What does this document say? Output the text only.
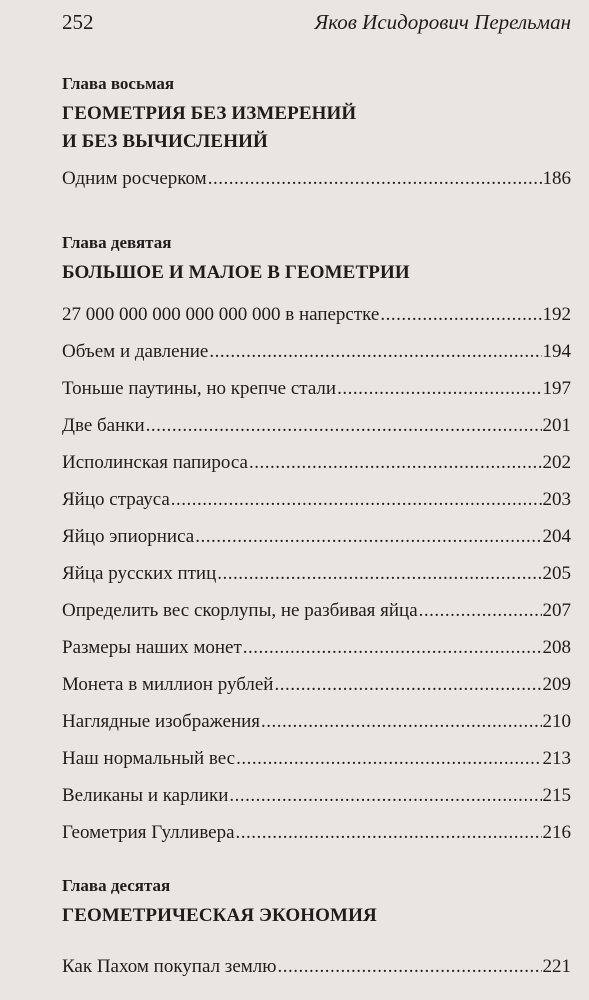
252	Яков Исидорович Перельман
Глава восьмая
ГЕОМЕТРИЯ БЕЗ ИЗМЕРЕНИЙ
И БЕЗ ВЫЧИСЛЕНИЙ
Одним росчерком .....	186
Глава девятая
БОЛЬШОЕ И МАЛОЕ В ГЕОМЕТРИИ
27 000 000 000 000 000 000 в наперстке .....	192
Объем и давление .....	194
Тоньше паутины, но крепче стали .....	197
Две банки .....	201
Исполинская папироса .....	202
Яйцо страуса .....	203
Яйцо эпиорниса .....	204
Яйца русских птиц .....	205
Определить вес скорлупы, не разбивая яйца .....	207
Размеры наших монет .....	208
Монета в миллион рублей .....	209
Наглядные изображения .....	210
Наш нормальный вес .....	213
Великаны и карлики .....	215
Геометрия Гулливера .....	216
Глава десятая
ГЕОМЕТРИЧЕСКАЯ ЭКОНОМИЯ
Как Пахом покупал землю .....	221
